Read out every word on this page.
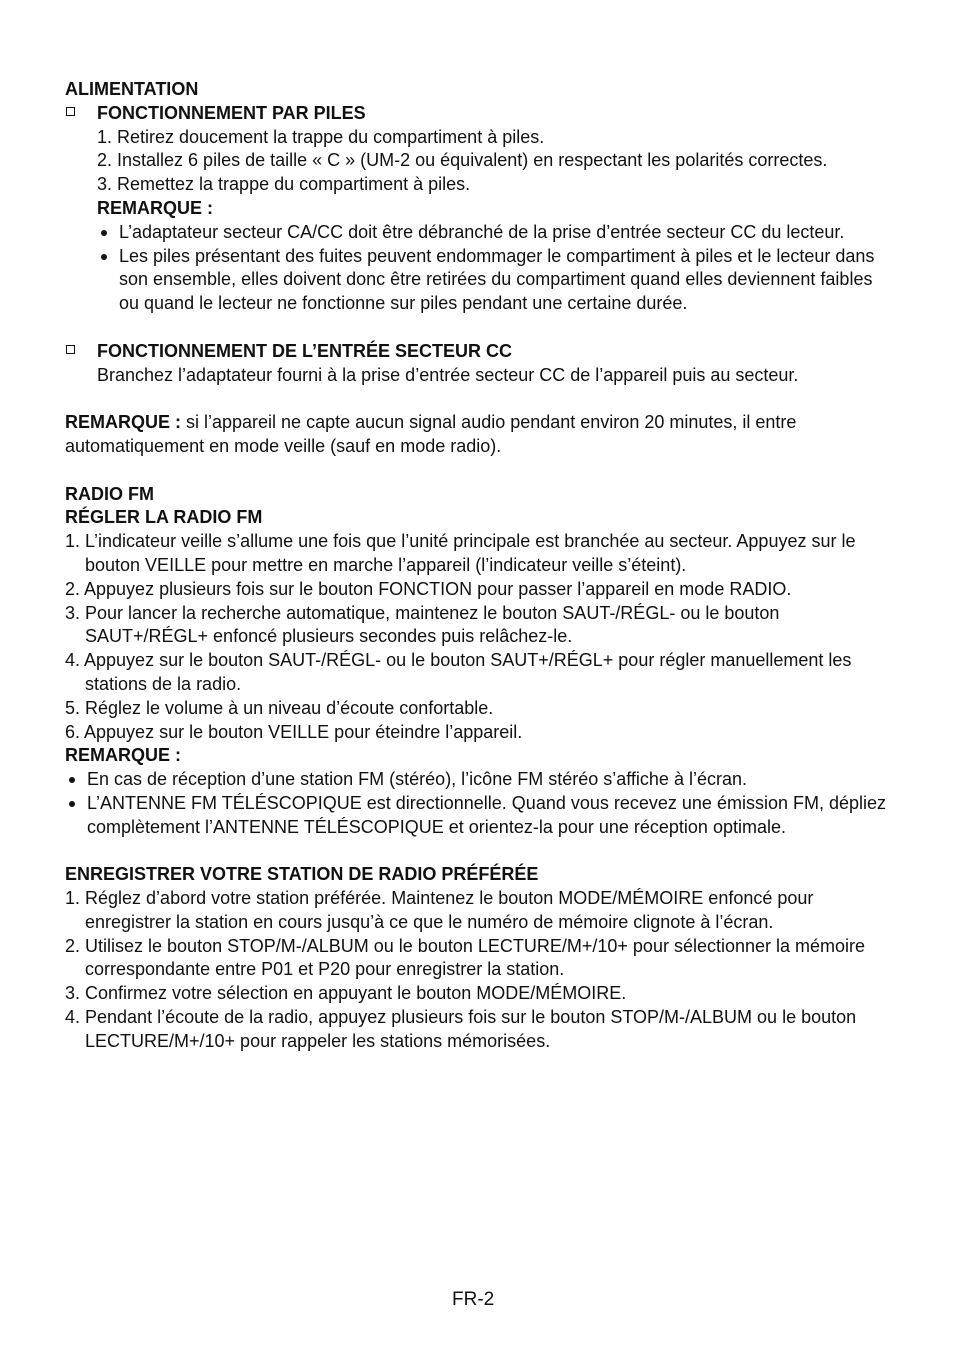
ALIMENTATION
FONCTIONNEMENT PAR PILES
1. Retirez doucement la trappe du compartiment à piles.
2. Installez 6 piles de taille « C » (UM-2 ou équivalent) en respectant les polarités correctes.
3. Remettez la trappe du compartiment à piles.
REMARQUE :
L’adaptateur secteur CA/CC doit être débranché de la prise d’entrée secteur CC du lecteur.
Les piles présentant des fuites peuvent endommager le compartiment à piles et le lecteur dans son ensemble, elles doivent donc être retirées du compartiment quand elles deviennent faibles ou quand le lecteur ne fonctionne sur piles pendant une certaine durée.
FONCTIONNEMENT DE L’ENTRÉE SECTEUR CC
Branchez l’adaptateur fourni à la prise d’entrée secteur CC de l’appareil puis au secteur.
REMARQUE : si l’appareil ne capte aucun signal audio pendant environ 20 minutes, il entre automatiquement en mode veille (sauf en mode radio).
RADIO FM
RÉGLER LA RADIO FM
1. L’indicateur veille s’allume une fois que l’unité principale est branchée au secteur. Appuyez sur le bouton VEILLE pour mettre en marche l’appareil (l’indicateur veille s’éteint).
2. Appuyez plusieurs fois sur le bouton FONCTION pour passer l’appareil en mode RADIO.
3. Pour lancer la recherche automatique, maintenez le bouton SAUT-/RÉGL- ou le bouton SAUT+/RÉGL+ enfoncé plusieurs secondes puis relâchez-le.
4. Appuyez sur le bouton SAUT-/RÉGL- ou le bouton SAUT+/RÉGL+ pour régler manuellement les stations de la radio.
5. Réglez le volume à un niveau d’écoute confortable.
6. Appuyez sur le bouton VEILLE pour éteindre l’appareil.
REMARQUE :
En cas de réception d’une station FM (stéréo), l’icône FM stéréo s’affiche à l’écran.
L’ANTENNE FM TÉLÉSCOPIQUE est directionnelle. Quand vous recevez une émission FM, dépliez complètement l’ANTENNE TÉLÉSCOPIQUE et orientez-la pour une réception optimale.
ENREGISTRER VOTRE STATION DE RADIO PRÉFÉRÉE
1. Réglez d’abord votre station préférée. Maintenez le bouton MODE/MÉMOIRE enfoncé pour enregistrer la station en cours jusqu’à ce que le numéro de mémoire clignote à l’écran.
2. Utilisez le bouton STOP/M-/ALBUM ou le bouton LECTURE/M+/10+ pour sélectionner la mémoire correspondante entre P01 et P20 pour enregistrer la station.
3. Confirmez votre sélection en appuyant le bouton MODE/MÉMOIRE.
4. Pendant l’écoute de la radio, appuyez plusieurs fois sur le bouton STOP/M-/ALBUM ou le bouton LECTURE/M+/10+ pour rappeler les stations mémorisées.
FR-2
